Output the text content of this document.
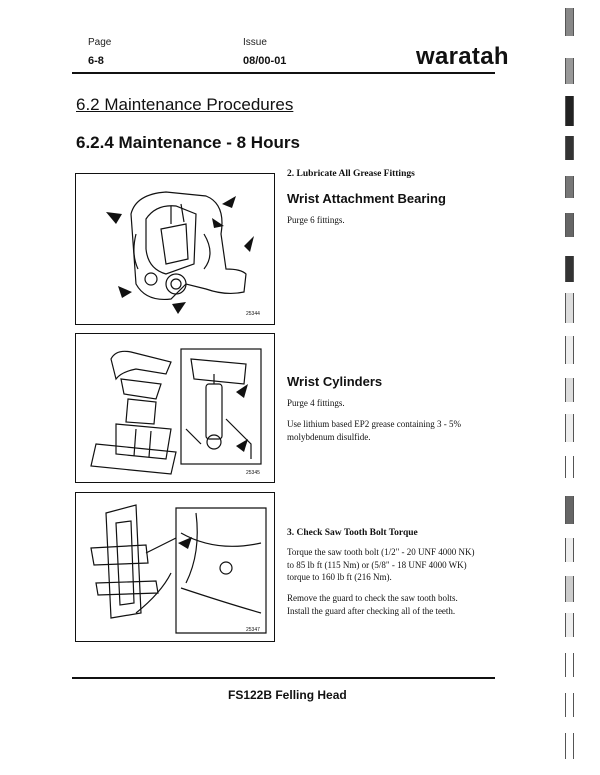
Page
6-8
Issue
08/00-01	waratah
6.2 Maintenance Procedures
6.2.4 Maintenance - 8 Hours
25344
25345
25347
2. Lubricate All Grease Fittings
Wrist Attachment Bearing
Purge 6 fittings.
Wrist Cylinders
Purge 4 fittings.
Use lithium based EP2 grease containing 3 - 5%
molybdenum disulfide.
3. Check Saw Tooth Bolt Torque
Torque the saw tooth bolt (1/2" - 20 UNF 4000 NK)
to 85 lb ft (115 Nm) or (5/8" - 18 UNF 4000 WK)
torque to 160 lb ft (216 Nm).
Remove the guard to check the saw tooth bolts.
Install the guard after checking all of the teeth.
FS122B Felling Head
